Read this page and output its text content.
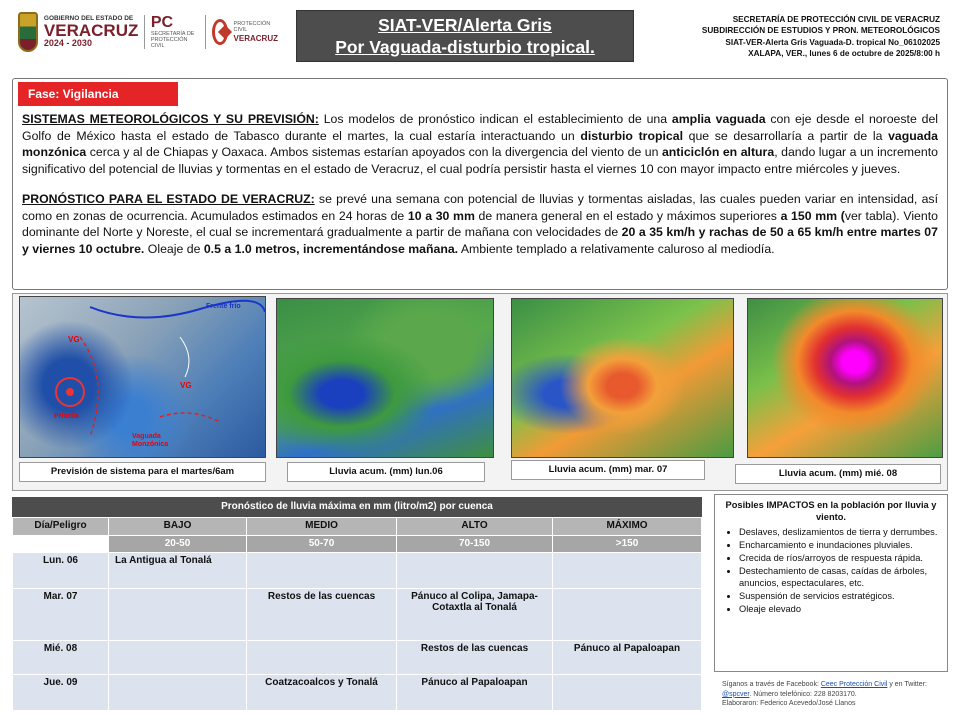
GOBIERNO DEL ESTADO DE
VERACRUZ
2024 - 2030
PC
SECRETARÍA DE PROTECCIÓN CIVIL
PROTECCIÓN CIVIL
VERACRUZ
SIAT-VER/Alerta Gris
Por Vaguada-disturbio tropical.
SECRETARÍA DE PROTECCIÓN CIVIL DE VERACRUZ
SUBDIRECCIÓN DE ESTUDIOS Y PRON. METEOROLÓGICOS
SIAT-VER-Alerta Gris Vaguada-D. tropical No_06102025
XALAPA, VER., lunes 6 de octubre de 2025/8:00 h
Fase: Vigilancia

SISTEMAS METEOROLÓGICOS Y SU PREVISIÓN: Los modelos de pronóstico indican el establecimiento de una amplia vaguada con eje desde el noroeste del Golfo de México hasta el estado de Tabasco durante el martes, la cual estaría interactuando un disturbio tropical que se desarrollaría a partir de la vaguada monzónica cerca y al de Chiapas y Oaxaca. Ambos sistemas estarían apoyados con la divergencia del viento de un anticiclón en altura, dando lugar a un incremento significativo del potencial de lluvias y tormentas en el estado de Veracruz, el cual podría persistir hasta el viernes 10 con mayor impacto entre miércoles y jueves.

PRONÓSTICO PARA EL ESTADO DE VERACRUZ: se prevé una semana con potencial de lluvias y tormentas aisladas, las cuales pueden variar en intensidad, así como en zonas de ocurrencia. Acumulados estimados en 24 horas de 10 a 30 mm de manera general en el estado y máximos superiores a 150 mm (ver tabla). Viento dominante del Norte y Noreste, el cual se incrementará gradualmente a partir de mañana con velocidades de 20 a 35 km/h y rachas de 50 a 65 km/h entre martes 07 y viernes 10 octubre. Oleaje de 0.5 a 1.0 metros, incrementándose mañana. Ambiente templado a relativamente caluroso al mediodía.

Frente frío
VG
VG
Priscila
Vaguada Monzónica
Previsión de sistema para el martes/6am	Lluvia acum. (mm) lun.06	Lluvia acum. (mm) mar. 07	Lluvia acum. (mm) mié. 08
Pronóstico de lluvia máxima en mm (litro/m2) por cuenca
Día/Peligro	BAJO	MEDIO	ALTO	MÁXIMO
	20-50	50-70	70-150	>150
Lun. 06	La Antigua al Tonalá			
Mar. 07		Restos de las cuencas	Pánuco al Colipa, Jamapa-Cotaxtla al Tonalá	
Mié. 08			Restos de las cuencas	Pánuco al Papaloapan
Jue. 09		Coatzacoalcos y Tonalá	Pánuco al Papaloapan	
Posibles IMPACTOS en la población por lluvia y viento.
• Deslaves, deslizamientos de tierra y derrumbes.
• Encharcamiento e inundaciones pluviales.
• Crecida de ríos/arroyos de respuesta rápida.
• Destechamiento de casas, caídas de árboles, anuncios, espectaculares, etc.
• Suspensión de servicios estratégicos.
• Oleaje elevado
Síganos a través de Facebook: Ceec Protección Civil y en Twitter: @spcver. Número telefónico: 228 8203170.
Elaboraron: Federico Acevedo/José Llanos
